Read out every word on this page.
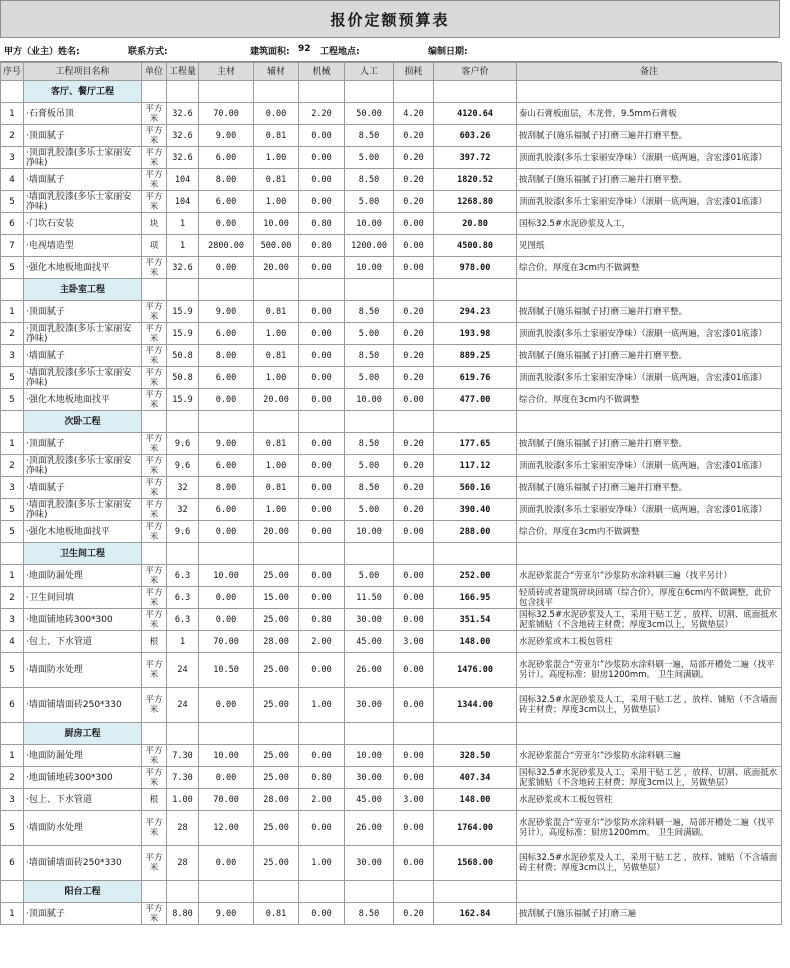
报价定额预算表
甲方（业主）姓名:	联系方式:	建筑面积: 92 工程地点:	编制日期:
序号	工程项目名称	单位	工程量	主材	辅材	机械	人工	损耗	客户价	备注
	客厅、餐厅工程									
1	·石膏板吊顶	平方米	32.6	70.00	0.00	2.20	50.00	4.20	4120.64	泰山石膏板面层，木龙骨，9.5mm石膏板
2	·顶面腻子	平方米	32.6	9.00	0.81	0.00	8.50	0.20	603.26	披刮腻子(施乐福腻子)打磨三遍并打磨平整。
3	·顶面乳胶漆(多乐士家丽安净味)	平方米	32.6	6.00	1.00	0.00	5.00	0.20	397.72	顶面乳胶漆(多乐士家丽安净味）（滚刷一底两遍，含宏漆01底漆）
4	·墙面腻子	平方米	104	8.00	0.81	0.00	8.50	0.20	1820.52	披刮腻子(施乐福腻子)打磨三遍并打磨平整。
5	·墙面乳胶漆(多乐士家丽安净味)	平方米	104	6.00	1.00	0.00	5.00	0.20	1268.80	顶面乳胶漆(多乐士家丽安净味）（滚刷一底两遍，含宏漆01底漆）
6	·门坎石安装	块	1	0.00	10.00	0.80	10.00	0.00	20.80	国标32.5#水泥砂浆及人工，
7	·电视墙造型	项	1	2800.00	500.00	0.80	1200.00	0.00	4500.80	见图纸
5	·强化木地板地面找平	平方米	32.6	0.00	20.00	0.00	10.00	0.00	978.00	综合价，厚度在3cm内不做调整
	主卧室工程									
1	·顶面腻子	平方米	15.9	9.00	0.81	0.00	8.50	0.20	294.23	披刮腻子(施乐福腻子)打磨三遍并打磨平整。
2	·顶面乳胶漆(多乐士家丽安净味)	平方米	15.9	6.00	1.00	0.00	5.00	0.20	193.98	顶面乳胶漆(多乐士家丽安净味）（滚刷一底两遍，含宏漆01底漆）
3	·墙面腻子	平方米	50.8	8.00	0.81	0.00	8.50	0.20	889.25	披刮腻子(施乐福腻子)打磨三遍并打磨平整。
5	·墙面乳胶漆(多乐士家丽安净味)	平方米	50.8	6.00	1.00	0.00	5.00	0.20	619.76	顶面乳胶漆(多乐士家丽安净味）（滚刷一底两遍，含宏漆01底漆）
5	·强化木地板地面找平	平方米	15.9	0.00	20.00	0.00	10.00	0.00	477.00	综合价，厚度在3cm内不做调整
	次卧工程									
1	·顶面腻子	平方米	9.6	9.00	0.81	0.00	8.50	0.20	177.65	披刮腻子(施乐福腻子)打磨三遍并打磨平整。
2	·顶面乳胶漆(多乐士家丽安净味)	平方米	9.6	6.00	1.00	0.00	5.00	0.20	117.12	顶面乳胶漆(多乐士家丽安净味）（滚刷一底两遍，含宏漆01底漆）
3	·墙面腻子	平方米	32	8.00	0.81	0.00	8.50	0.20	560.16	披刮腻子(施乐福腻子)打磨三遍并打磨平整。
5	·墙面乳胶漆(多乐士家丽安净味)	平方米	32	6.00	1.00	0.00	5.00	0.20	390.40	顶面乳胶漆(多乐士家丽安净味）（滚刷一底两遍，含宏漆01底漆）
5	·强化木地板地面找平	平方米	9.6	0.00	20.00	0.00	10.00	0.00	288.00	综合价，厚度在3cm内不做调整
	卫生间工程									
1	·地面防漏处理	平方米	6.3	10.00	25.00	0.00	5.00	0.00	252.00	水泥砂浆混合“劳亚尔”沙浆防水涂料刷三遍（找平另计）
2	·卫生间回填	平方米	6.3	0.00	15.00	0.00	11.50	0.00	166.95	轻质砖或者建筑碎块回填（综合价），厚度在6cm内不做调整，此价包含找平
3	·地面铺地砖300*300	平方米	6.3	0.00	25.00	0.80	30.00	0.00	351.54	国标32.5#水泥砂浆及人工，采用干贴工艺 ，放样、切割、底面抵水泥浆铺贴（不含地砖主材费；厚度3cm以上，另做垫层）
4	·包上、下水管道	根	1	70.00	28.00	2.00	45.00	3.00	148.00	水泥砂浆或木工板包管柱
5	·墙面防水处理	平方米	24	10.50	25.00	0.00	26.00	0.00	1476.00	水泥砂浆混合“劳亚尔”沙浆防水涂料刷一遍，局部开槽处二遍（找平另计）。高度标准：厨房1200mm。 卫生间满刷。
6	·墙面铺墙面砖250*330	平方米	24	0.00	25.00	1.00	30.00	0.00	1344.00	国标32.5#水泥砂浆及人工，采用干贴工艺 ，放样、铺贴（不含墙面砖主材费；厚度3cm以上，另做垫层）
	厨房工程									
1	·地面防漏处理	平方米	7.30	10.00	25.00	0.00	10.00	0.00	328.50	水泥砂浆混合“劳亚尔”沙浆防水涂料刷三遍
2	·地面铺地砖300*300	平方米	7.30	0.00	25.00	0.80	30.00	0.00	407.34	国标32.5#水泥砂浆及人工，采用干贴工艺 ，放样、切割、底面抵水泥浆铺贴（不含地砖主材费；厚度3cm以上，另做垫层）
3	·包上、下水管道	根	1.00	70.00	28.00	2.00	45.00	3.00	148.00	水泥砂浆或木工板包管柱
5	·墙面防水处理	平方米	28	12.00	25.00	0.00	26.00	0.00	1764.00	水泥砂浆混合“劳亚尔”沙浆防水涂料刷一遍，局部开槽处二遍（找平另计）。高度标准：厨房1200mm。 卫生间满刷。
6	·墙面铺墙面砖250*330	平方米	28	0.00	25.00	1.00	30.00	0.00	1568.00	国标32.5#水泥砂浆及人工，采用干贴工艺 ，放样、铺贴（不含墙面砖主材费；厚度3cm以上，另做垫层）
	阳台工程									
1	·顶面腻子	平方米	8.80	9.00	0.81	0.00	8.50	0.20	162.84	披刮腻子(施乐福腻子)打磨三遍
